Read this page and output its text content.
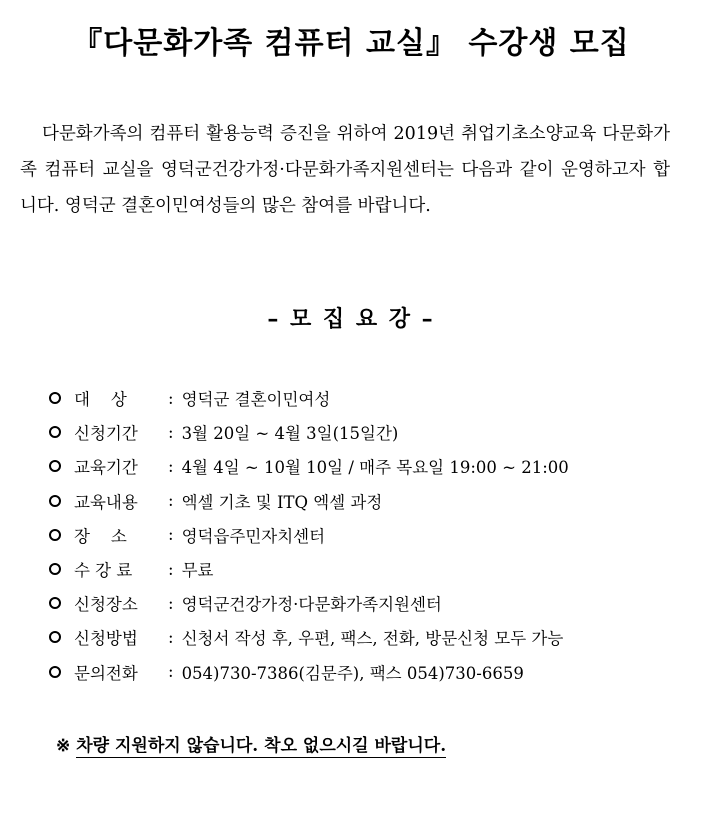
『다문화가족 컴퓨터 교실』 수강생 모집

다문화가족의 컴퓨터 활용능력 증진을 위하여 2019년 취업기초소양교육 다문화가족 컴퓨터 교실을 영덕군건강가정·다문화가족지원센터는 다음과 같이 운영하고자 합니다. 영덕군 결혼이민여성들의 많은 참여를 바랍니다.

– 모 집 요 강 –
대    상	: 영덕군 결혼이민여성
신청기간	: 3월 20일 ~ 4월 3일(15일간)
교육기간	: 4월 4일 ~ 10월 10일 / 매주 목요일 19:00 ~ 21:00
교육내용	: 엑셀 기초 및 ITQ 엑셀 과정
장    소	: 영덕읍주민자치센터
수 강 료	: 무료
신청장소	: 영덕군건강가정·다문화가족지원센터
신청방법	: 신청서 작성 후, 우편, 팩스, 전화, 방문신청 모두 가능
문의전화	: 054)730-7386(김문주), 팩스 054)730-6659
※ 차량 지원하지 않습니다. 착오 없으시길 바랍니다.
